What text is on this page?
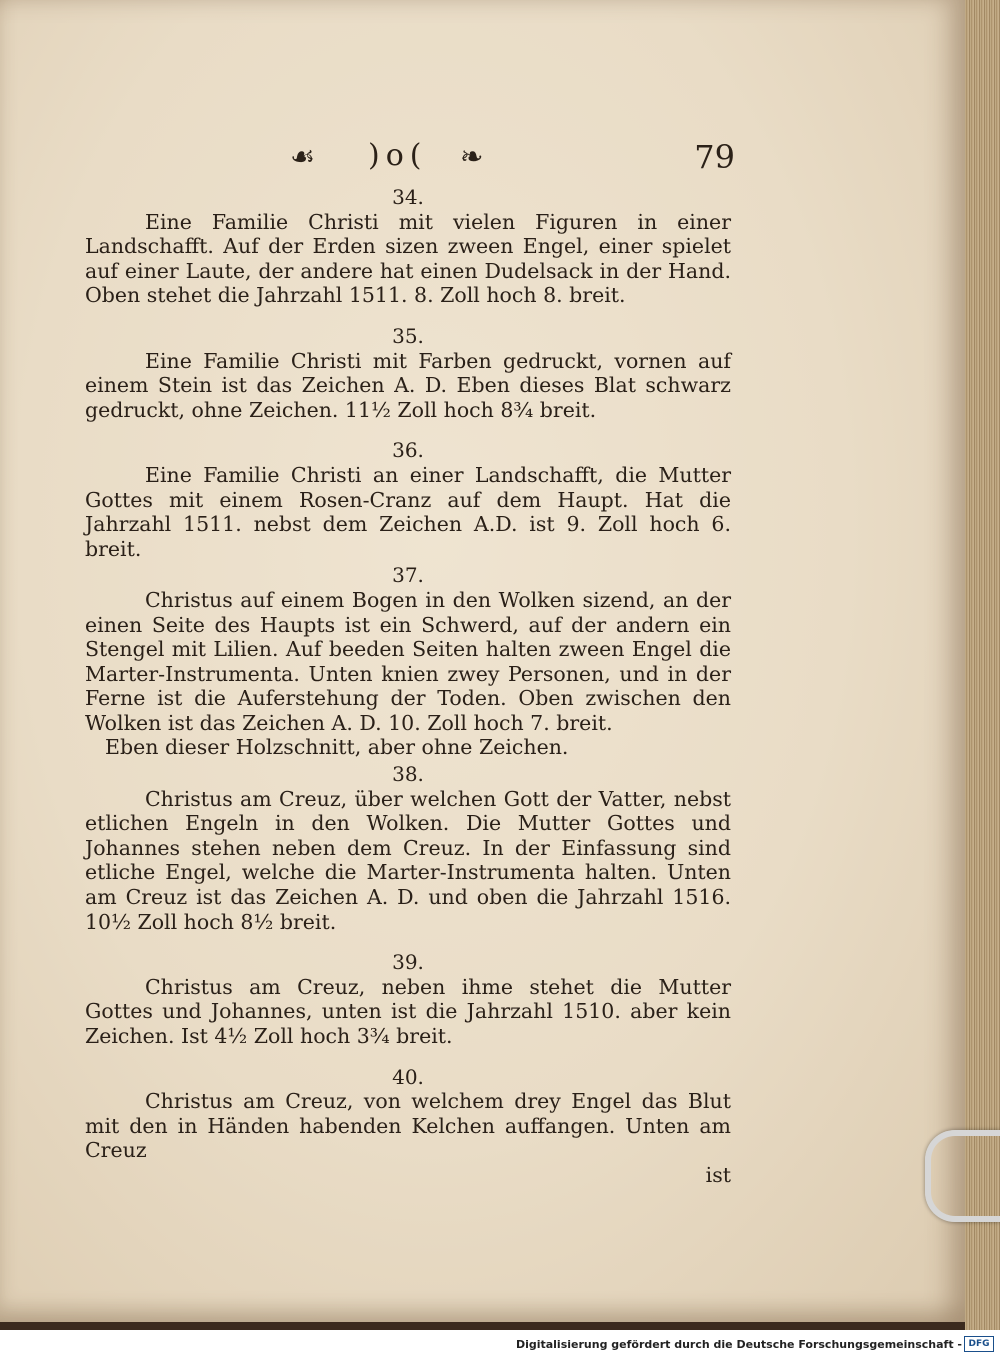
☙ )o( ❧	79

34.

Eine Familie Christi mit vielen Figuren in einer Landschafft. Auf der Erden sizen zween Engel, einer spielet auf einer Laute, der andere hat einen Dudelsack in der Hand. Oben stehet die Jahrzahl 1511. 8. Zoll hoch 8. breit.

35.

Eine Familie Christi mit Farben gedruckt, vornen auf einem Stein ist das Zeichen A. D. Eben dieses Blat schwarz gedruckt, ohne Zeichen. 11½ Zoll hoch 8¾ breit.

36.

Eine Familie Christi an einer Landschafft, die Mutter Gottes mit einem Rosen-Cranz auf dem Haupt. Hat die Jahrzahl 1511. nebst dem Zeichen A.D. ist 9. Zoll hoch 6. breit.

37.

Christus auf einem Bogen in den Wolken sizend, an der einen Seite des Haupts ist ein Schwerd, auf der andern ein Stengel mit Lilien. Auf beeden Seiten halten zween Engel die Marter-Instrumenta. Unten knien zwey Personen, und in der Ferne ist die Auferstehung der Toden. Oben zwischen den Wolken ist das Zeichen A. D. 10. Zoll hoch 7. breit.

Eben dieser Holzschnitt, aber ohne Zeichen.

38.

Christus am Creuz, über welchen Gott der Vatter, nebst etlichen Engeln in den Wolken. Die Mutter Gottes und Johannes stehen neben dem Creuz. In der Einfassung sind etliche Engel, welche die Marter-Instrumenta halten. Unten am Creuz ist das Zeichen A. D. und oben die Jahrzahl 1516. 10½ Zoll hoch 8½ breit.

39.

Christus am Creuz, neben ihme stehet die Mutter Gottes und Johannes, unten ist die Jahrzahl 1510. aber kein Zeichen. Ist 4½ Zoll hoch 3¾ breit.

40.

Christus am Creuz, von welchem drey Engel das Blut mit den in Händen habenden Kelchen auffangen. Unten am Creuz

ist
Digitalisierung gefördert durch die Deutsche Forschungsgemeinschaft - DFG
